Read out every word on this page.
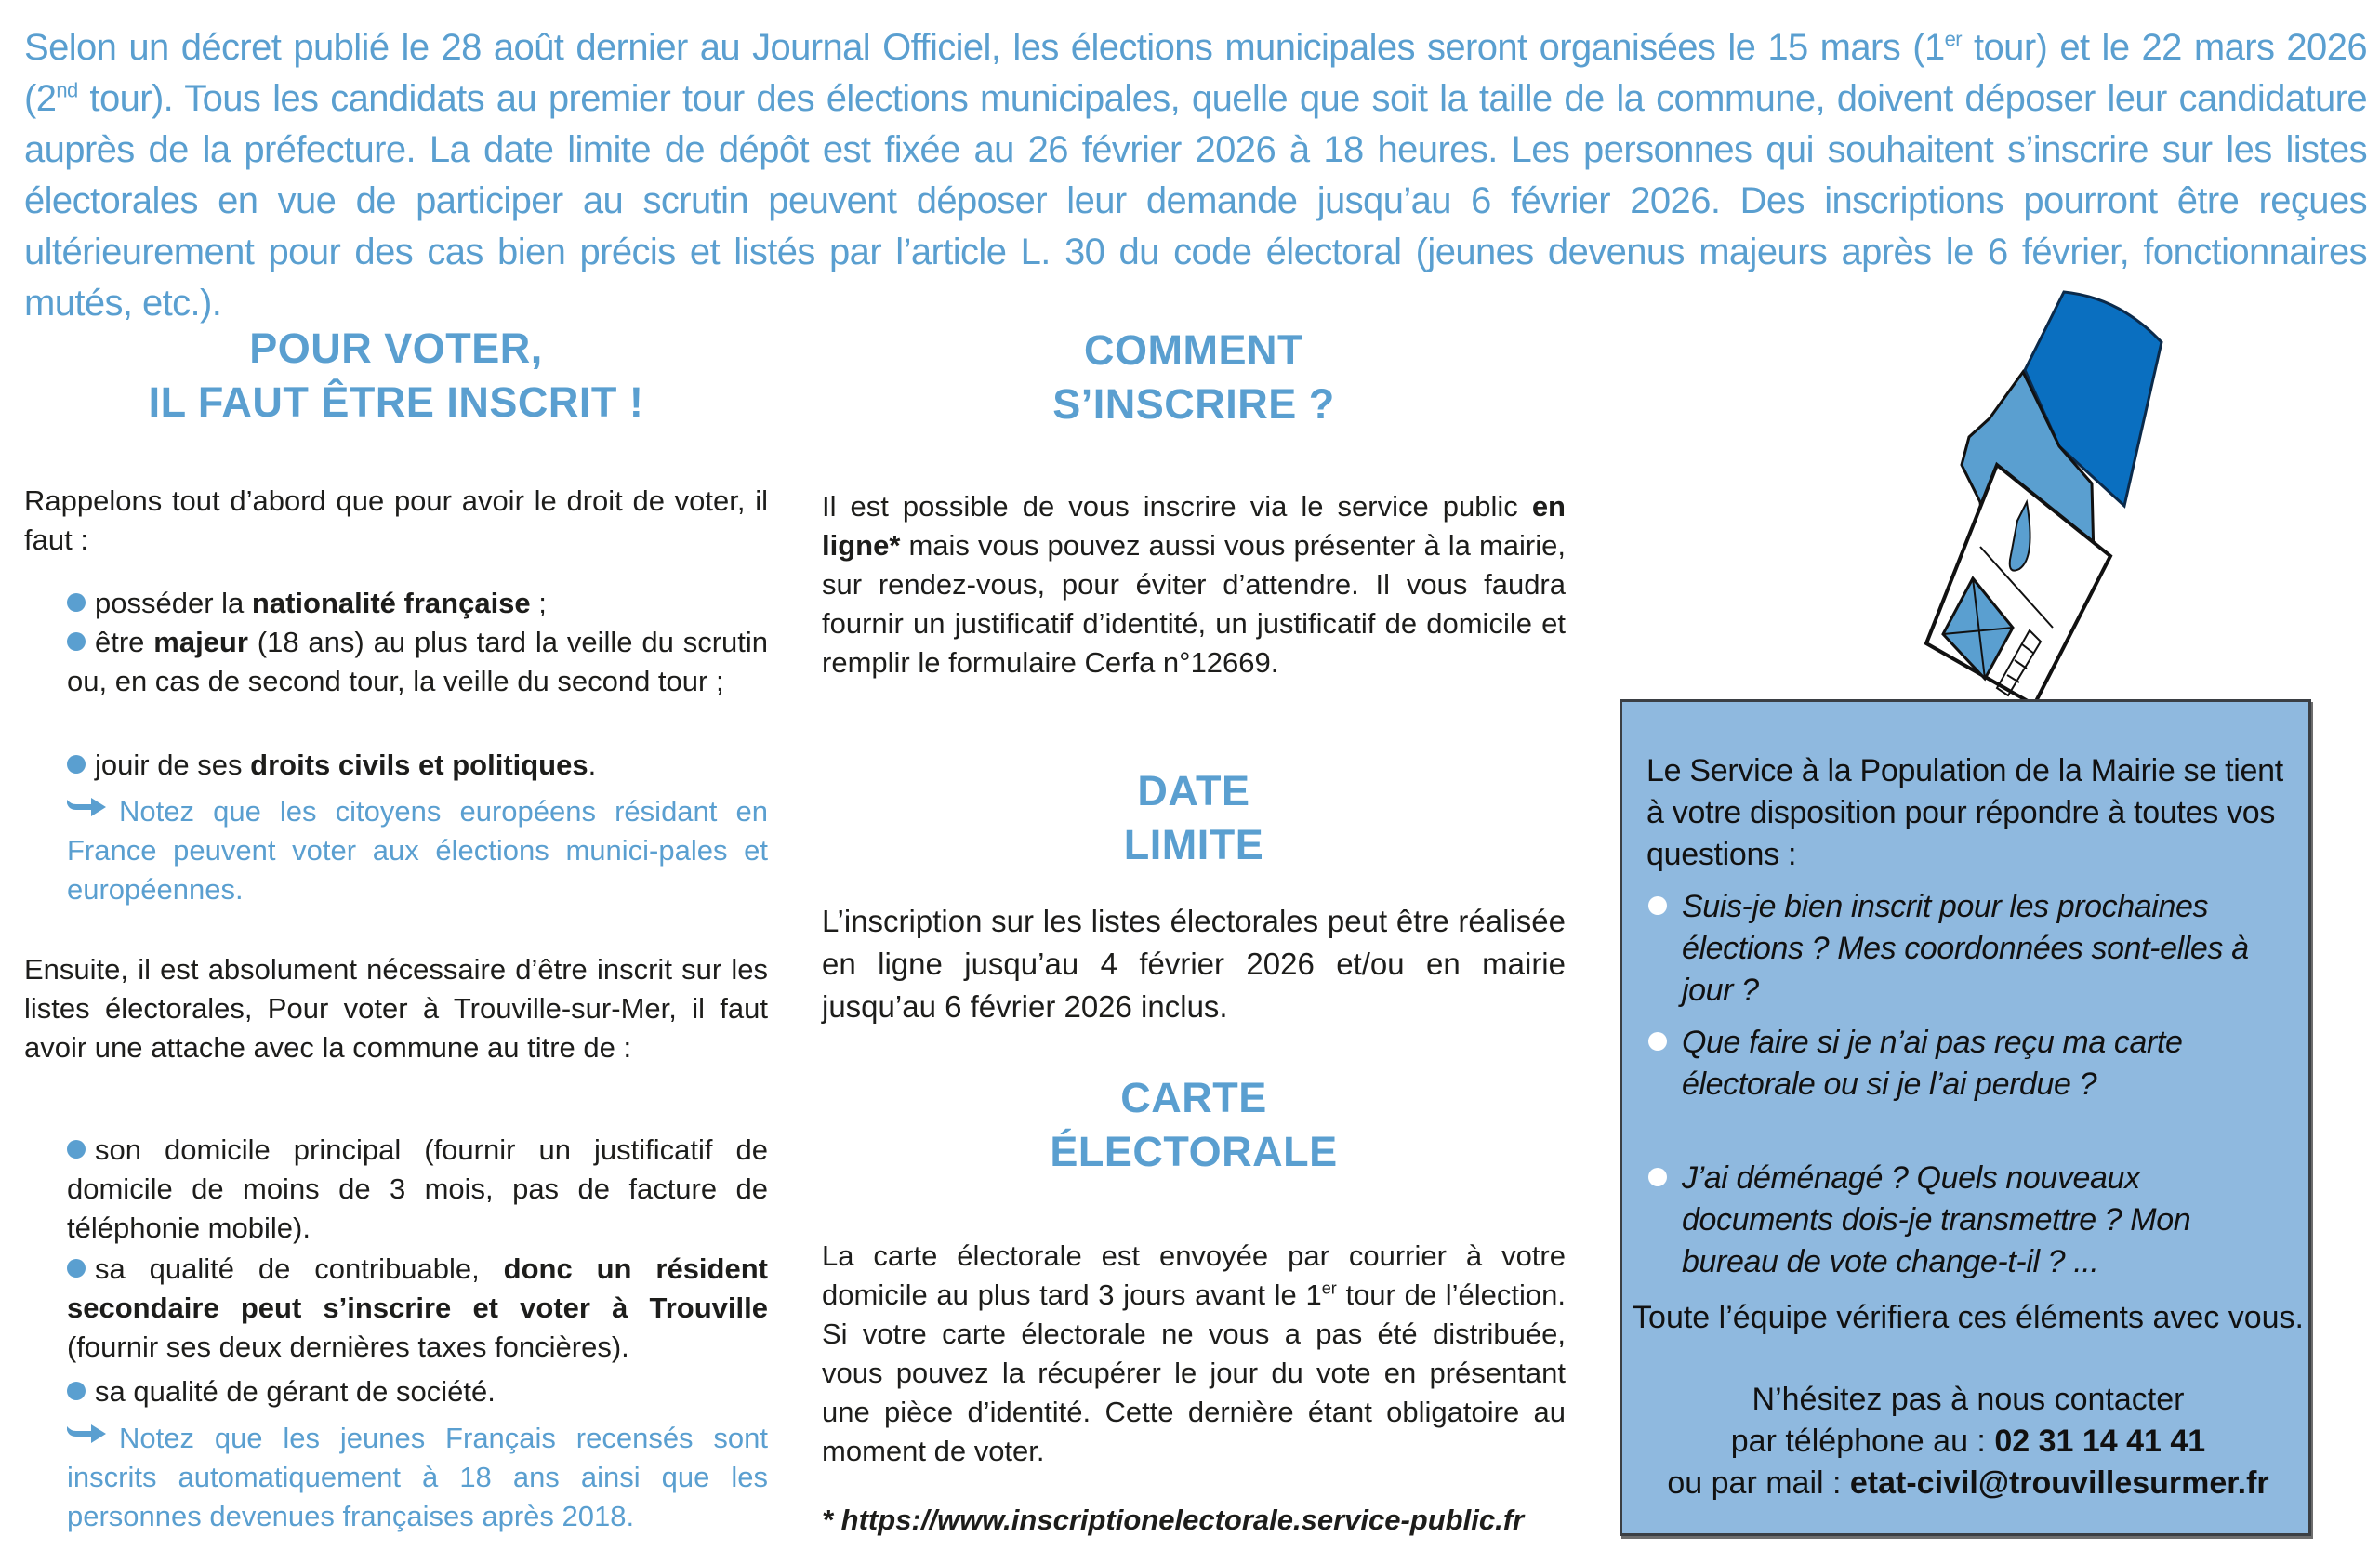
Selon un décret publié le 28 août dernier au Journal Officiel, les élections municipales seront organisées le 15 mars (1er tour) et le 22 mars 2026 (2nd tour). Tous les candidats au premier tour des élections municipales, quelle que soit la taille de la commune, doivent déposer leur candidature auprès de la préfecture. La date limite de dépôt est fixée au 26 février 2026 à 18 heures. Les personnes qui souhaitent s’inscrire sur les listes électorales en vue de participer au scrutin peuvent déposer leur demande jusqu’au 6 février 2026. Des inscriptions pourront être reçues ultérieurement pour des cas bien précis et listés par l’article L. 30 du code électoral (jeunes devenus majeurs après le 6 février, fonctionnaires mutés, etc.).

POUR VOTER,
IL FAUT ÊTRE INSCRIT !
Rappelons tout d’abord que pour avoir le droit de voter, il faut :
posséder la nationalité française ;
être majeur (18 ans) au plus tard la veille du scrutin ou, en cas de second tour, la veille du second tour ;
jouir de ses droits civils et politiques.
Notez que les citoyens européens résidant en France peuvent voter aux élections munici-pales et européennes.
Ensuite, il est absolument nécessaire d’être inscrit sur les listes électorales, Pour voter à Trouville-sur-Mer, il faut avoir une attache avec la commune au titre de :
son domicile principal (fournir un justificatif de domicile de moins de 3 mois, pas de facture de téléphonie mobile).
sa qualité de contribuable, donc un résident secondaire peut s’inscrire et voter à Trouville (fournir ses deux dernières taxes foncières).
sa qualité de gérant de société.
Notez que les jeunes Français recensés sont inscrits automatiquement à 18 ans ainsi que les personnes devenues françaises après 2018.
COMMENT
S’INSCRIRE ?
Il est possible de vous inscrire via le service public en ligne* mais vous pouvez aussi vous présenter à la mairie, sur rendez-vous, pour éviter d’attendre. Il vous faudra fournir un justificatif d’identité, un justificatif de domicile et remplir le formulaire Cerfa n°12669.
DATE
LIMITE
L’inscription sur les listes électorales peut être réalisée en ligne jusqu’au 4 février 2026 et/ou en mairie jusqu’au 6 février 2026 inclus.
CARTE
ÉLECTORALE
La carte électorale est envoyée par courrier à votre domicile au plus tard 3 jours avant le 1er tour de l’élection. Si votre carte électorale ne vous a pas été distribuée, vous pouvez la récupérer le jour du vote en présentant une pièce d’identité. Cette dernière étant obligatoire au moment de voter.
* https://www.inscriptionelectorale.service-public.fr
Le Service à la Population de la Mairie se tient à votre disposition pour répondre à toutes vos questions :
Suis-je bien inscrit pour les prochaines élections ? Mes coordonnées sont-elles à jour ?
Que faire si je n’ai pas reçu ma carte électorale ou si je l’ai perdue ?
J’ai déménagé ? Quels nouveaux documents dois-je transmettre ? Mon bureau de vote change-t-il ? ...
Toute l’équipe vérifiera ces éléments avec vous.
N’hésitez pas à nous contacter
par téléphone au : 02 31 14 41 41
ou par mail : etat-civil@trouvillesurmer.fr
